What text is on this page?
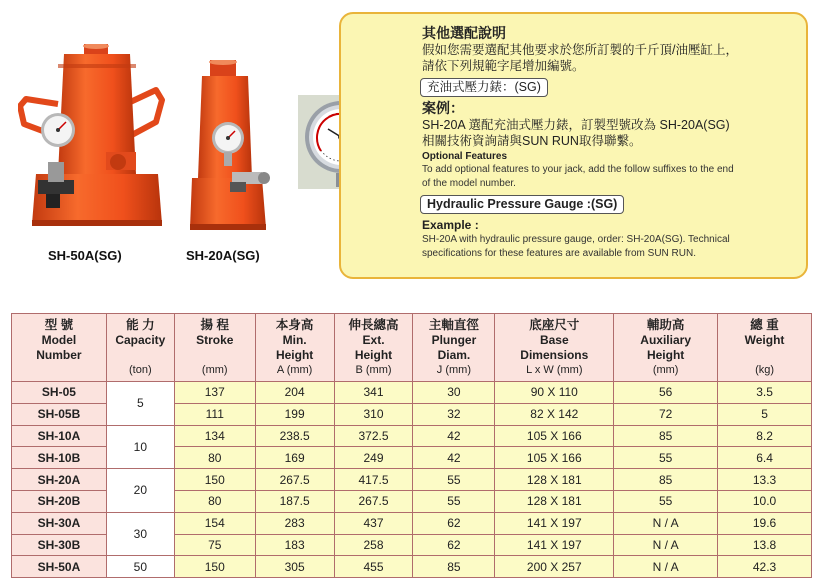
SH-50A(SG)	SH-20A(SG)
其他選配說明
假如您需要選配其他要求於您所訂製的千斤頂/油壓缸上，
請依下列規範字尾增加編號。
充油式壓力錶：(SG)
案例：
SH-20A 選配充油式壓力錶，訂製型號改為 SH-20A(SG)
相關技術資詢請與SUN RUN取得聯繫。
Optional Features
To add optional features to your jack, add the follow suffixes to the end
of the model number.
Hydraulic Pressure Gauge :(SG)
Example :
SH-20A with hydraulic pressure gauge, order: SH-20A(SG). Technical
specifications for these features are available from SUN RUN.
型 號
Model
Number	能 力
Capacity
(ton)	揚 程
Stroke
(mm)	本身高
Min.
Height
A (mm)	伸長總高
Ext.
Height
B (mm)	主軸直徑
Plunger
Diam.
J (mm)	底座尺寸
Base
Dimensions
L x W (mm)	輔助高
Auxiliary
Height
(mm)	總 重
Weight
(kg)

SH-05	5	137	204	341	30	90 X 110	56	3.5
SH-05B		111	199	310	32	82 X 142	72	5
SH-10A	10	134	238.5	372.5	42	105 X 166	85	8.2
SH-10B		80	169	249	42	105 X 166	55	6.4
SH-20A	20	150	267.5	417.5	55	128 X 181	85	13.3
SH-20B		80	187.5	267.5	55	128 X 181	55	10.0
SH-30A	30	154	283	437	62	141 X 197	N / A	19.6
SH-30B		75	183	258	62	141 X 197	N / A	13.8
SH-50A	50	150	305	455	85	200 X 257	N / A	42.3
